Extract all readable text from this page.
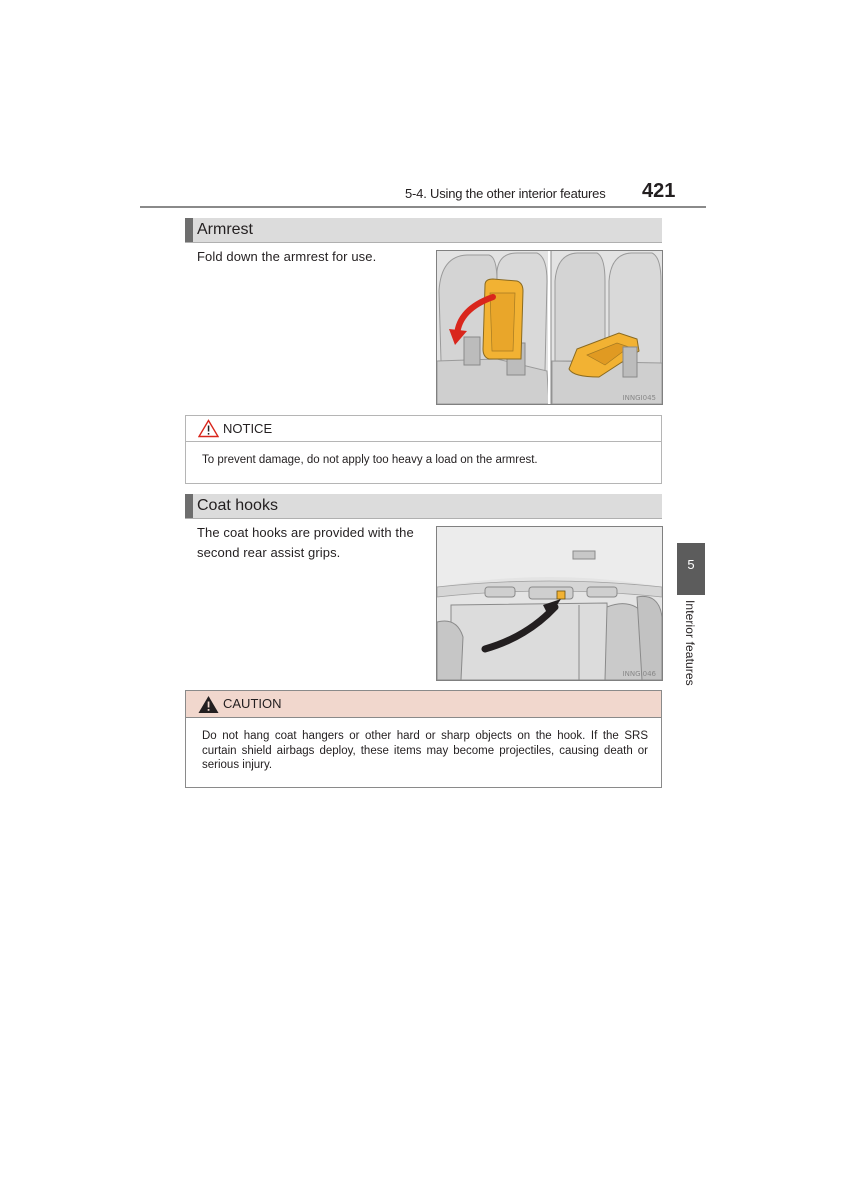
5-4. Using the other interior features 421
Armrest
Fold down the armrest for use.
INNGI045
NOTICE
To prevent damage, do not apply too heavy a load on the armrest.
Coat hooks
The coat hooks are provided with the
second rear assist grips.
INNGI046
CAUTION
Do not hang coat hangers or other hard or sharp objects on the hook. If the SRS curtain shield airbags deploy, these items may become projectiles, causing death or serious injury.
5
Interior features
